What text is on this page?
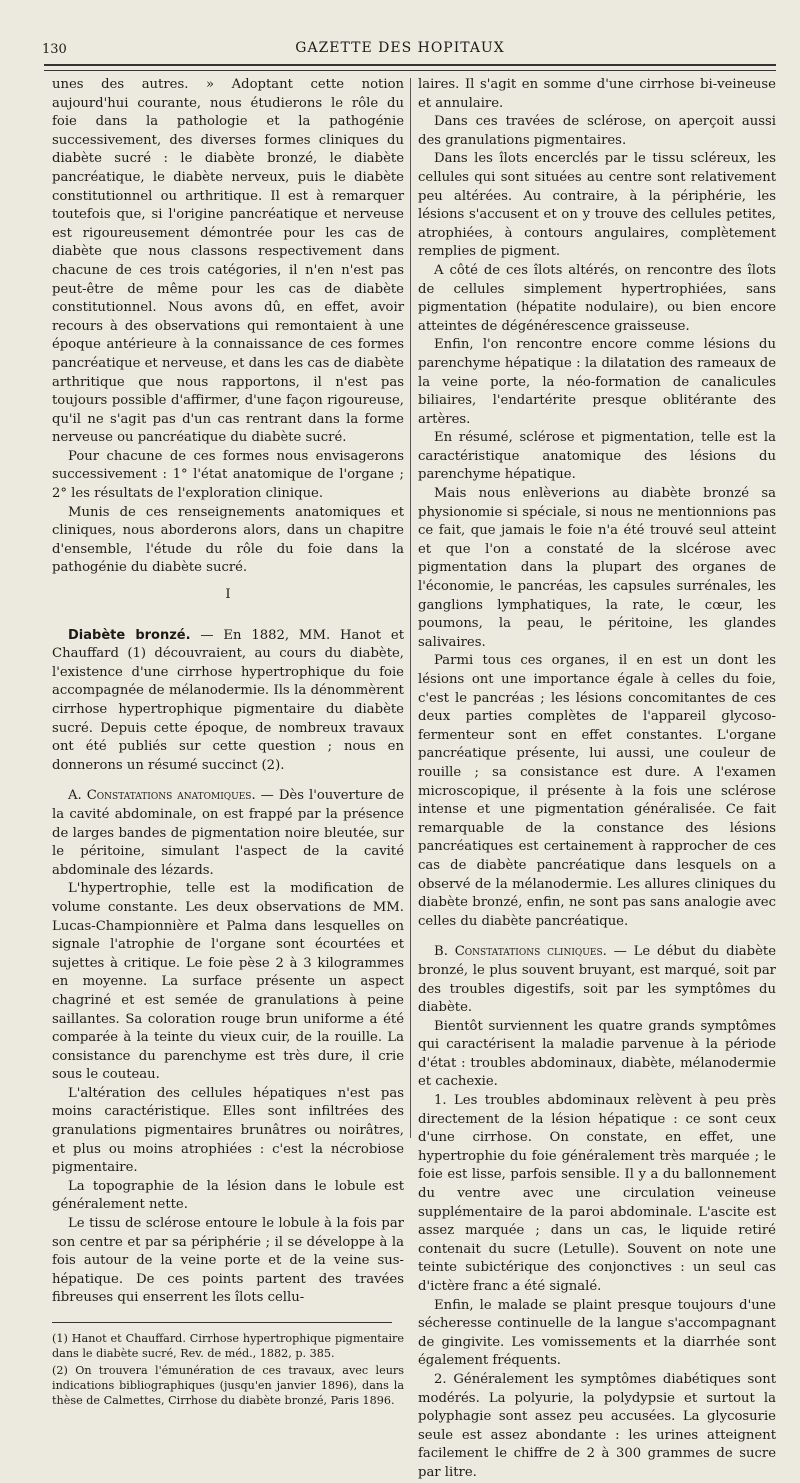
130	GAZETTE DES HOPITAUX

unes des autres. » Adoptant cette notion aujourd'hui courante, nous étudierons le rôle du foie dans la pathologie et la pathogénie successivement, des diverses formes cliniques du diabète sucré : le diabète bronzé, le diabète pancréatique, le diabète nerveux, puis le diabète constitutionnel ou arthritique. Il est à remarquer toutefois que, si l'origine pancréatique et nerveuse est rigoureusement démontrée pour les cas de diabète que nous classons respectivement dans chacune de ces trois catégories, il n'en n'est pas peut-être de même pour les cas de diabète constitutionnel. Nous avons dû, en effet, avoir recours à des observations qui remontaient à une époque antérieure à la connaissance de ces formes pancréatique et nerveuse, et dans les cas de diabète arthritique que nous rapportons, il n'est pas toujours possible d'affirmer, d'une façon rigoureuse, qu'il ne s'agit pas d'un cas rentrant dans la forme nerveuse ou pancréatique du diabète sucré.

Pour chacune de ces formes nous envisagerons successivement : 1° l'état anatomique de l'organe ; 2° les résultats de l'exploration clinique.

Munis de ces renseignements anatomiques et cliniques, nous aborderons alors, dans un chapitre d'ensemble, l'étude du rôle du foie dans la pathogénie du diabète sucré.

I

Diabète bronzé. — En 1882, MM. Hanot et Chauffard (1) découvraient, au cours du diabète, l'existence d'une cirrhose hypertrophique du foie accompagnée de mélanodermie. Ils la dénommèrent cirrhose hypertrophique pigmentaire du diabète sucré. Depuis cette époque, de nombreux travaux ont été publiés sur cette question ; nous en donnerons un résumé succinct (2).

A. Constatations anatomiques. — Dès l'ouverture de la cavité abdominale, on est frappé par la présence de larges bandes de pigmentation noire bleutée, sur le péritoine, simulant l'aspect de la cavité abdominale des lézards.

L'hypertrophie, telle est la modification de volume constante. Les deux observations de MM. Lucas-Championnière et Palma dans lesquelles on signale l'atrophie de l'organe sont écourtées et sujettes à critique. Le foie pèse 2 à 3 kilogrammes en moyenne. La surface présente un aspect chagriné et est semée de granulations à peine saillantes. Sa coloration rouge brun uniforme a été comparée à la teinte du vieux cuir, de la rouille. La consistance du parenchyme est très dure, il crie sous le couteau.

L'altération des cellules hépatiques n'est pas moins caractéristique. Elles sont infiltrées des granulations pigmentaires brunâtres ou noirâtres, et plus ou moins atrophiées : c'est la nécrobiose pigmentaire.

La topographie de la lésion dans le lobule est généralement nette.

Le tissu de sclérose entoure le lobule à la fois par son centre et par sa périphérie ; il se développe à la fois autour de la veine porte et de la veine sus-hépatique. De ces points partent des travées fibreuses qui enserrent les îlots cellu-

(1) Hanot et Chauffard. Cirrhose hypertrophique pigmentaire dans le diabète sucré, Rev. de méd., 1882, p. 385.

(2) On trouvera l'émunération de ces travaux, avec leurs indications bibliographiques (jusqu'en janvier 1896), dans la thèse de Calmettes, Cirrhose du diabète bronzé, Paris 1896.

laires. Il s'agit en somme d'une cirrhose bi-veineuse et annulaire.

Dans ces travées de sclérose, on aperçoit aussi des granulations pigmentaires.

Dans les îlots encerclés par le tissu scléreux, les cellules qui sont situées au centre sont relativement peu altérées. Au contraire, à la périphérie, les lésions s'accusent et on y trouve des cellules petites, atrophiées, à contours angulaires, complètement remplies de pigment.

A côté de ces îlots altérés, on rencontre des îlots de cellules simplement hypertrophiées, sans pigmentation (hépatite nodulaire), ou bien encore atteintes de dégénérescence graisseuse.

Enfin, l'on rencontre encore comme lésions du parenchyme hépatique : la dilatation des rameaux de la veine porte, la néo-formation de canalicules biliaires, l'endartérite presque oblitérante des artères.

En résumé, sclérose et pigmentation, telle est la caractéristique anatomique des lésions du parenchyme hépatique.

Mais nous enlèverions au diabète bronzé sa physionomie si spéciale, si nous ne mentionnions pas ce fait, que jamais le foie n'a été trouvé seul atteint et que l'on a constaté de la slcérose avec pigmentation dans la plupart des organes de l'économie, le pancréas, les capsules surrénales, les ganglions lymphatiques, la rate, le cœur, les poumons, la peau, le péritoine, les glandes salivaires.

Parmi tous ces organes, il en est un dont les lésions ont une importance égale à celles du foie, c'est le pancréas ; les lésions concomitantes de ces deux parties complètes de l'appareil glycoso-fermenteur sont en effet constantes. L'organe pancréatique présente, lui aussi, une couleur de rouille ; sa consistance est dure. A l'examen microscopique, il présente à la fois une sclérose intense et une pigmentation généralisée. Ce fait remarquable de la constance des lésions pancréatiques est certainement à rapprocher de ces cas de diabète pancréatique dans lesquels on a observé de la mélanodermie. Les allures cliniques du diabète bronzé, enfin, ne sont pas sans analogie avec celles du diabète pancréatique.

B. Constatations cliniques. — Le début du diabète bronzé, le plus souvent bruyant, est marqué, soit par des troubles digestifs, soit par les symptômes du diabète.

Bientôt surviennent les quatre grands symptômes qui caractérisent la maladie parvenue à la période d'état : troubles abdominaux, diabète, mélanodermie et cachexie.

1. Les troubles abdominaux relèvent à peu près directement de la lésion hépatique : ce sont ceux d'une cirrhose. On constate, en effet, une hypertrophie du foie généralement très marquée ; le foie est lisse, parfois sensible. Il y a du ballonnement du ventre avec une circulation veineuse supplémentaire de la paroi abdominale. L'ascite est assez marquée ; dans un cas, le liquide retiré contenait du sucre (Letulle). Souvent on note une teinte subictérique des conjonctives : un seul cas d'ictère franc a été signalé.

Enfin, le malade se plaint presque toujours d'une sécheresse continuelle de la langue s'accompagnant de gingivite. Les vomissements et la diarrhée sont également fréquents.

2. Généralement les symptômes diabétiques sont modérés. La polyurie, la polydypsie et surtout la polyphagie sont assez peu accusées. La glycosurie seule est assez abondante : les urines atteignent facilement le chiffre de 2 à 300 grammes de sucre par litre.
